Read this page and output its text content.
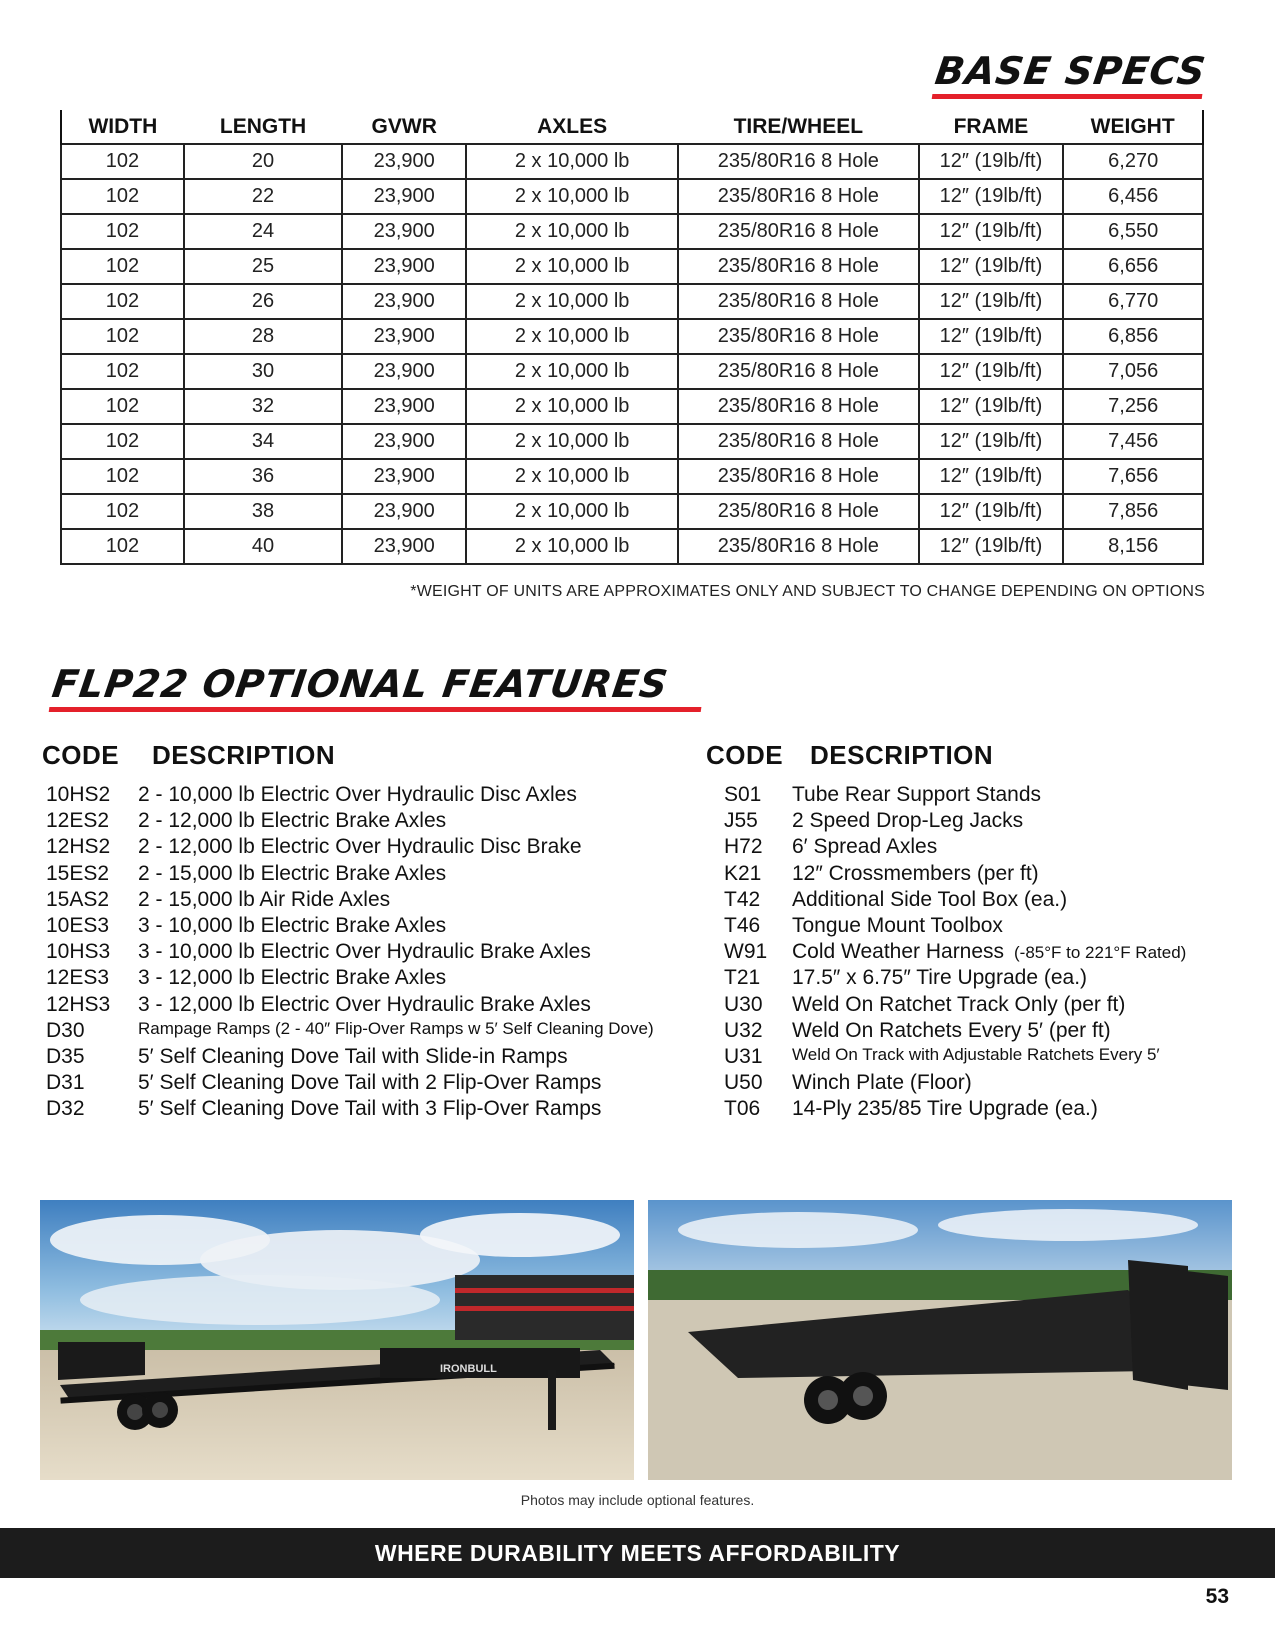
BASE SPECS
WIDTH	LENGTH	GVWR	AXLES	TIRE/WHEEL	FRAME	WEIGHT
102	20	23,900	2 x 10,000 lb	235/80R16 8 Hole	12″ (19lb/ft)	6,270
102	22	23,900	2 x 10,000 lb	235/80R16 8 Hole	12″ (19lb/ft)	6,456
102	24	23,900	2 x 10,000 lb	235/80R16 8 Hole	12″ (19lb/ft)	6,550
102	25	23,900	2 x 10,000 lb	235/80R16 8 Hole	12″ (19lb/ft)	6,656
102	26	23,900	2 x 10,000 lb	235/80R16 8 Hole	12″ (19lb/ft)	6,770
102	28	23,900	2 x 10,000 lb	235/80R16 8 Hole	12″ (19lb/ft)	6,856
102	30	23,900	2 x 10,000 lb	235/80R16 8 Hole	12″ (19lb/ft)	7,056
102	32	23,900	2 x 10,000 lb	235/80R16 8 Hole	12″ (19lb/ft)	7,256
102	34	23,900	2 x 10,000 lb	235/80R16 8 Hole	12″ (19lb/ft)	7,456
102	36	23,900	2 x 10,000 lb	235/80R16 8 Hole	12″ (19lb/ft)	7,656
102	38	23,900	2 x 10,000 lb	235/80R16 8 Hole	12″ (19lb/ft)	7,856
102	40	23,900	2 x 10,000 lb	235/80R16 8 Hole	12″ (19lb/ft)	8,156
*WEIGHT OF UNITS ARE APPROXIMATES ONLY AND SUBJECT TO CHANGE DEPENDING ON OPTIONS
FLP22 OPTIONAL FEATURES
CODE DESCRIPTION
10HS2 2 - 10,000 lb Electric Over Hydraulic Disc Axles
12ES2 2 - 12,000 lb Electric Brake Axles
12HS2 2 - 12,000 lb Electric Over Hydraulic Disc Brake
15ES2 2 - 15,000 lb Electric Brake Axles
15AS2 2 - 15,000 lb Air Ride Axles
10ES3 3 - 10,000 lb Electric Brake Axles
10HS3 3 - 10,000 lb Electric Over Hydraulic Brake Axles
12ES3 3 - 12,000 lb Electric Brake Axles
12HS3 3 - 12,000 lb Electric Over Hydraulic Brake Axles
D30	Rampage Ramps (2 - 40″ Flip-Over Ramps w 5′ Self Cleaning Dove)
D35	5′ Self Cleaning Dove Tail with Slide-in Ramps
D31	5′ Self Cleaning Dove Tail with 2 Flip-Over Ramps
D32	5′ Self Cleaning Dove Tail with 3 Flip-Over Ramps
CODE DESCRIPTION
S01 Tube Rear Support Stands
J55 2 Speed Drop-Leg Jacks
H72 6′ Spread Axles
K21 12″ Crossmembers (per ft)
T42 Additional Side Tool Box (ea.)
T46 Tongue Mount Toolbox
W91 Cold Weather Harness (-85°F to 221°F Rated)
T21 17.5″ x 6.75″ Tire Upgrade (ea.)
U30 Weld On Ratchet Track Only (per ft)
U32 Weld On Ratchets Every 5′ (per ft)
U31 Weld On Track with Adjustable Ratchets Every 5′
U50 Winch Plate (Floor)
T06 14-Ply 235/85 Tire Upgrade (ea.)
IRONBULL
Photos may include optional features.
WHERE DURABILITY MEETS AFFORDABILITY
53
